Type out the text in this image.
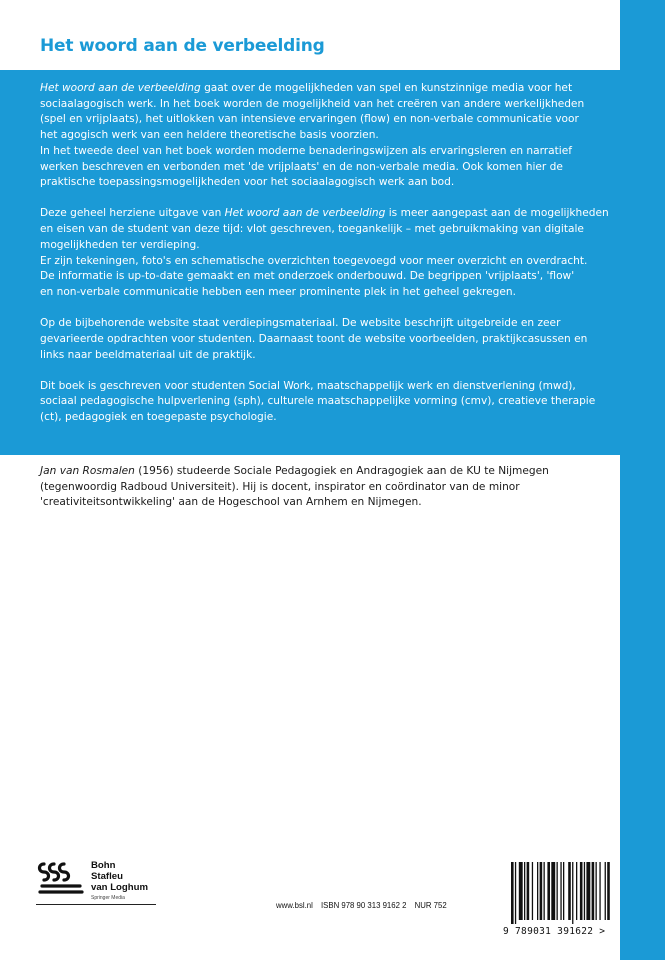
Het woord aan de verbeelding

Het woord aan de verbeelding gaat over de mogelijkheden van spel en kunstzinnige media voor het
sociaalagogisch werk. In het boek worden de mogelijkheid van het creëren van andere werkelijkheden
(spel en vrijplaats), het uitlokken van intensieve ervaringen (flow) en non-verbale communicatie voor
het agogisch werk van een heldere theoretische basis voorzien.
In het tweede deel van het boek worden moderne benaderingswijzen als ervaringsleren en narratief
werken beschreven en verbonden met 'de vrijplaats' en de non-verbale media. Ook komen hier de
praktische toepassingsmogelijkheden voor het sociaalagogisch werk aan bod.

Deze geheel herziene uitgave van Het woord aan de verbeelding is meer aangepast aan de mogelijkheden
en eisen van de student van deze tijd: vlot geschreven, toegankelijk – met gebruikmaking van digitale
mogelijkheden ter verdieping.
Er zijn tekeningen, foto's en schematische overzichten toegevoegd voor meer overzicht en overdracht.
De informatie is up-to-date gemaakt en met onderzoek onderbouwd. De begrippen 'vrijplaats', 'flow'
en non-verbale communicatie hebben een meer prominente plek in het geheel gekregen.

Op de bijbehorende website staat verdiepingsmateriaal. De website beschrijft uitgebreide en zeer
gevarieerde opdrachten voor studenten. Daarnaast toont de website voorbeelden, praktijkcasussen en
links naar beeldmateriaal uit de praktijk.

Dit boek is geschreven voor studenten Social Work, maatschappelijk werk en dienstverlening (mwd),
sociaal pedagogische hulpverlening (sph), culturele maatschappelijke vorming (cmv), creatieve therapie
(ct), pedagogiek en toegepaste psychologie.

Jan van Rosmalen (1956) studeerde Sociale Pedagogiek en Andragogiek aan de KU te Nijmegen
(tegenwoordig Radboud Universiteit). Hij is docent, inspirator en coördinator van de minor
'creativiteitsontwikkeling' aan de Hogeschool van Arnhem en Nijmegen.
Bohn
Stafleu
van Loghum
Springer Media
www.bsl.nl ISBN 978 90 313 9162 2 NUR 752
9 789031 391622 >
